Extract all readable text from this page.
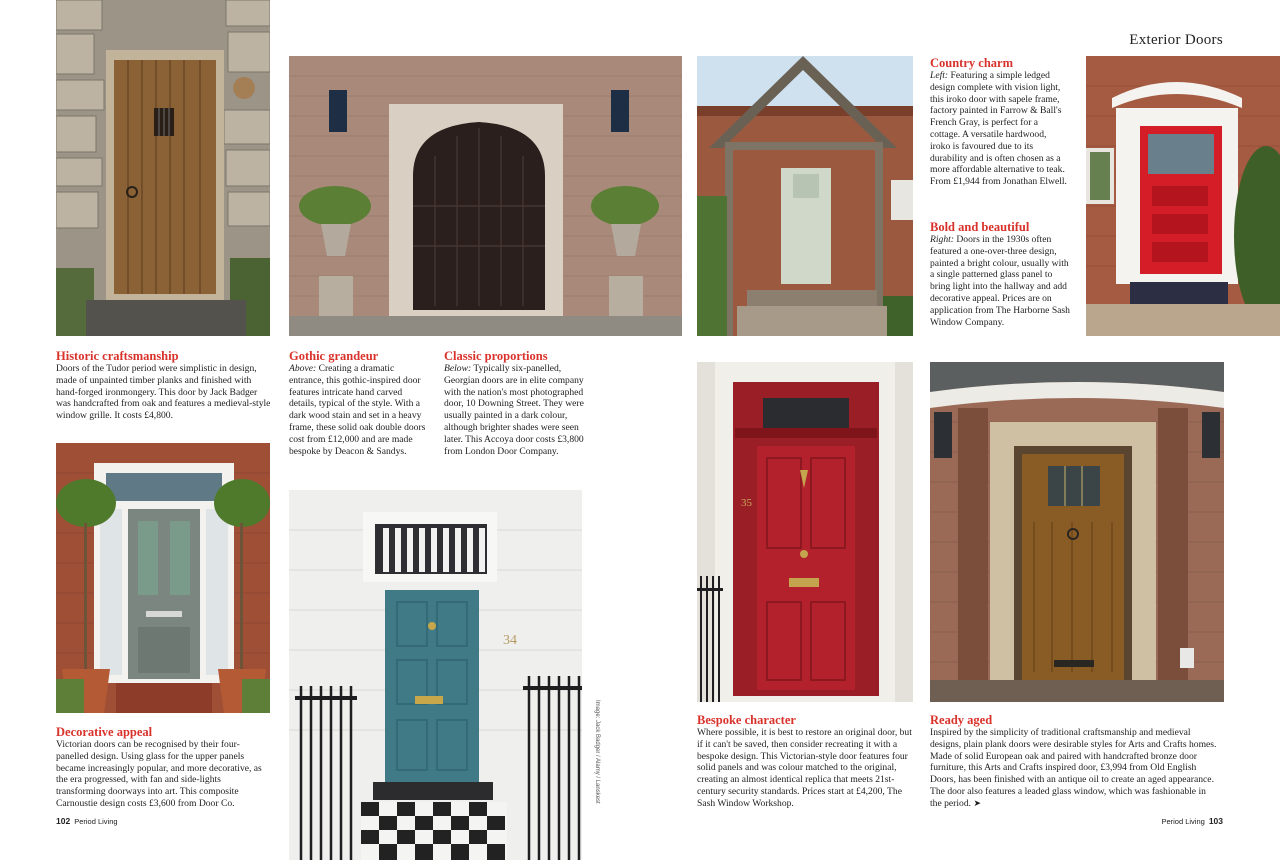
Exterior Doors
34
35
Historic craftsmanship

Doors of the Tudor period were simplistic in design, made of unpainted timber planks and finished with hand-forged ironmongery. This door by Jack Badger was handcrafted from oak and features a medieval-style window grille. It costs £4,800.

Gothic grandeur

Above: Creating a dramatic entrance, this gothic-inspired door features intricate hand carved details, typical of the style. With a dark wood stain and set in a heavy frame, these solid oak double doors cost from £12,000 and are made bespoke by Deacon & Sandys.

Classic proportions

Below: Typically six-panelled, Georgian doors are in elite company with the nation's most photographed door, 10 Downing Street. They were usually painted in a dark colour, although brighter shades were seen later. This Accoya door costs £3,800 from London Door Company.

Country charm

Left: Featuring a simple ledged design complete with vision light, this iroko door with sapele frame, factory painted in Farrow & Ball's French Gray, is perfect for a cottage. A versatile hardwood, iroko is favoured due to its durability and is often chosen as a more affordable alternative to teak. From £1,944 from Jonathan Elwell.

Bold and beautiful

Right: Doors in the 1930s often featured a one-over-three design, painted a bright colour, usually with a single patterned glass panel to bring light into the hallway and add decorative appeal. Prices are on application from The Harborne Sash Window Company.

Decorative appeal

Victorian doors can be recognised by their four-panelled design. Using glass for the upper panels became increasingly popular, and more decorative, as the era progressed, with fan and side-lights transforming doorways into art. This composite Carnoustie design costs £3,600 from Door Co.

Bespoke character

Where possible, it is best to restore an original door, but if it can't be saved, then consider recreating it with a bespoke design. This Victorian-style door features four solid panels and was colour matched to the original, creating an almost identical replica that meets 21st-century security standards. Prices start at £4,200, The Sash Window Workshop.

Ready aged

Inspired by the simplicity of traditional craftsmanship and medieval designs, plain plank doors were desirable styles for Arts and Crafts homes. Made of solid European oak and paired with handcrafted bronze door furniture, this Arts and Crafts inspired door, £3,994 from Old English Doors, has been finished with an antique oil to create an aged appearance. The door also features a leaded glass window, which was fashionable in the period. ➤

Image: Jack Badger / Alamy / Lanskest
102 Period Living	Period Living 103
